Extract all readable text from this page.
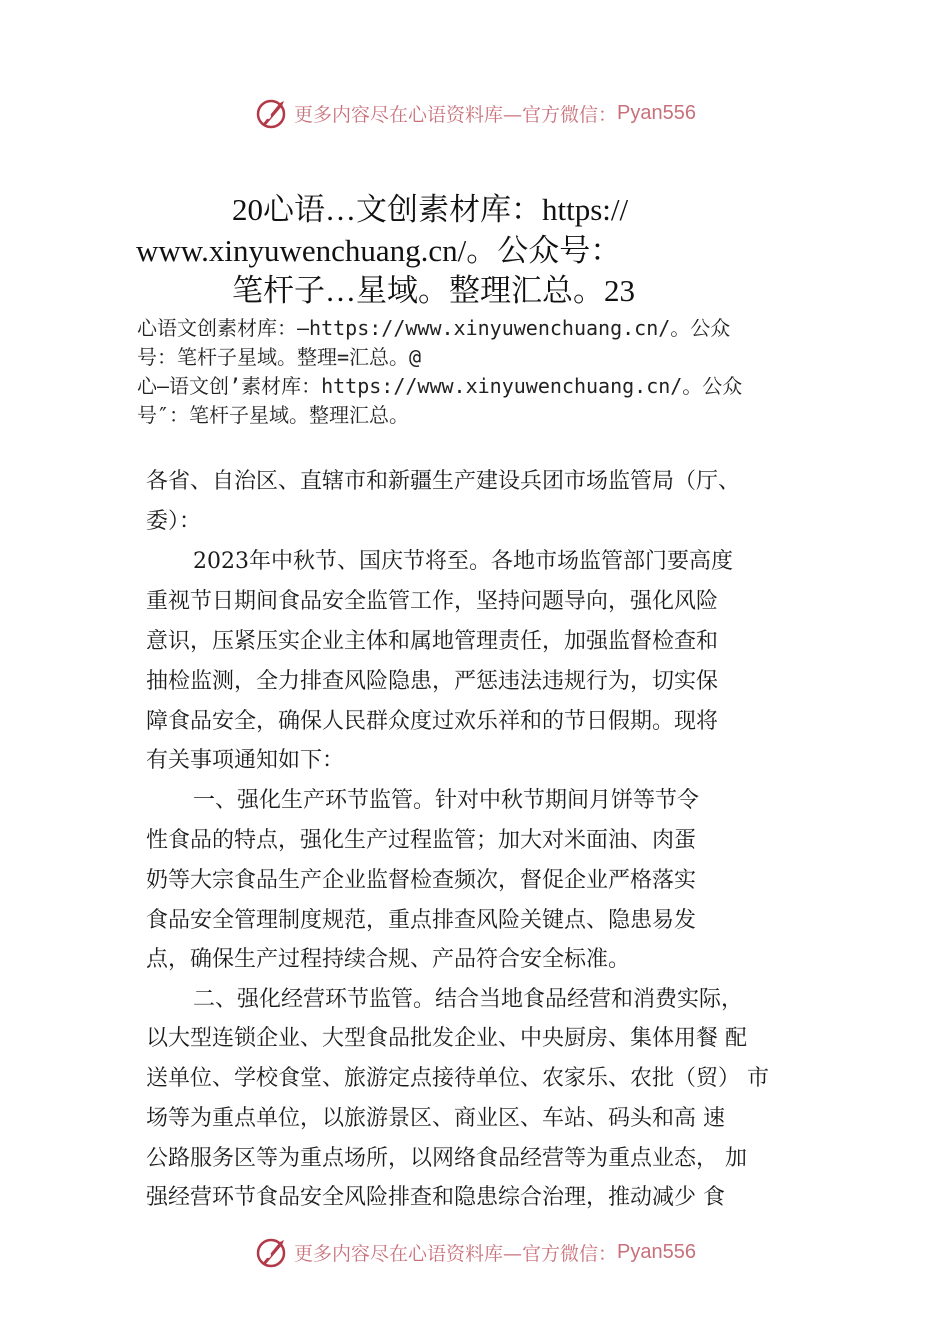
更多内容尽在心语资料库—官方微信： Pyan556
20心语…文创素材库：https://
www.xinyuwenchuang.cn/。公众号：
笔杆子…星域。整理汇总。23
心语文创素材库：—https://www.xinyuwenchuang.cn/。公众
号：笔杆子星域。整理=汇总。@
心—语文创’素材库：https://www.xinyuwenchuang.cn/。公众
号″：笔杆子星域。整理汇总。
各省、自治区、直辖市和新疆生产建设兵团市场监管局（厅、
委）：
2023年中秋节、国庆节将至。各地市场监管部门要高度
重视节日期间食品安全监管工作，坚持问题导向，强化风险
意识，压紧压实企业主体和属地管理责任，加强监督检查和
抽检监测，全力排查风险隐患，严惩违法违规行为，切实保
障食品安全，确保人民群众度过欢乐祥和的节日假期。现将
有关事项通知如下：
一、强化生产环节监管。针对中秋节期间月饼等节令
性食品的特点，强化生产过程监管；加大对米面油、肉蛋
奶等大宗食品生产企业监督检查频次，督促企业严格落实
食品安全管理制度规范，重点排查风险关键点、隐患易发
点，确保生产过程持续合规、产品符合安全标准。
二、强化经营环节监管。结合当地食品经营和消费实际，
以大型连锁企业、大型食品批发企业、中央厨房、集体用餐 配
送单位、学校食堂、旅游定点接待单位、农家乐、农批（贸） 市
场等为重点单位，以旅游景区、商业区、车站、码头和高 速
公路服务区等为重点场所，以网络食品经营等为重点业态， 加
强经营环节食品安全风险排查和隐患综合治理，推动减少 食
更多内容尽在心语资料库—官方微信： Pyan556
